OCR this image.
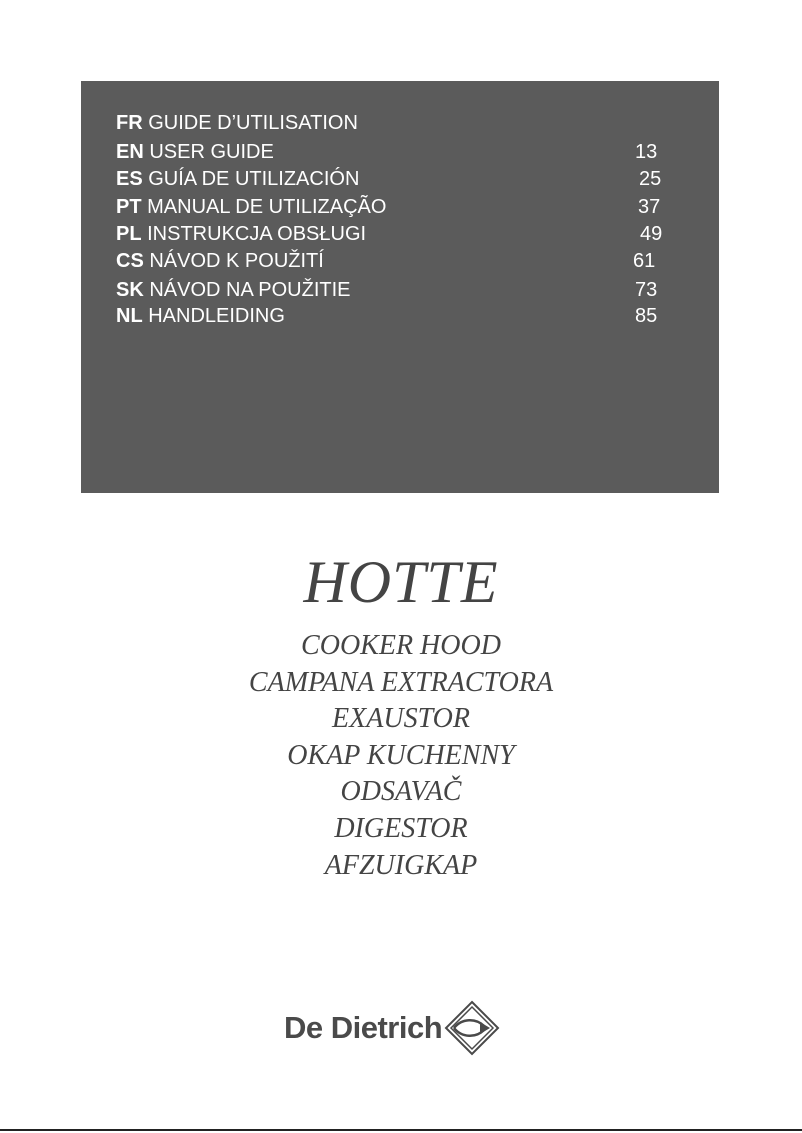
FR GUIDE D’UTILISATION
EN USER GUIDE	13
ES GUÍA DE UTILIZACIÓN	25
PT MANUAL DE UTILIZAÇÃO	37
PL INSTRUKCJA OBSŁUGI	49
CS NÁVOD K POUŽITÍ	61
SK NÁVOD NA POUŽITIE	73
NL HANDLEIDING	85
HOTTE
COOKER HOOD
CAMPANA EXTRACTORA
EXAUSTOR
OKAP KUCHENNY
ODSAVAČ
DIGESTOR
AFZUIGKAP
De Dietrich
